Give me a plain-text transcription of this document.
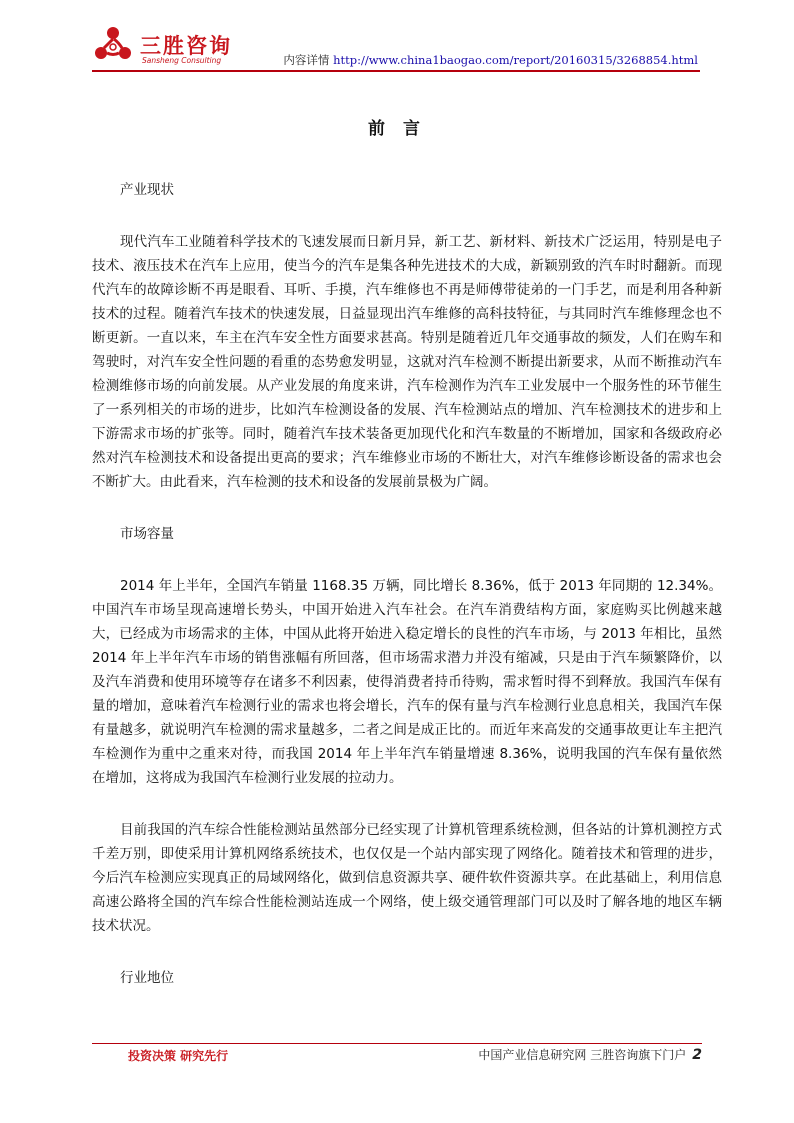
三胜咨询
Sansheng Consulting	内容详情 http://www.china1baogao.com/report/20160315/3268854.html
前 言
产业现状

现代汽车工业随着科学技术的飞速发展而日新月异，新工艺、新材料、新技术广泛运用，特别是电子技术、液压技术在汽车上应用，使当今的汽车是集各种先进技术的大成，新颖别致的汽车时时翻新。而现代汽车的故障诊断不再是眼看、耳听、手摸，汽车维修也不再是师傅带徒弟的一门手艺，而是利用各种新技术的过程。随着汽车技术的快速发展，日益显现出汽车维修的高科技特征，与其同时汽车维修理念也不断更新。一直以来，车主在汽车安全性方面要求甚高。特别是随着近几年交通事故的频发，人们在购车和驾驶时，对汽车安全性问题的看重的态势愈发明显，这就对汽车检测不断提出新要求，从而不断推动汽车检测维修市场的向前发展。从产业发展的角度来讲，汽车检测作为汽车工业发展中一个服务性的环节催生了一系列相关的市场的进步，比如汽车检测设备的发展、汽车检测站点的增加、汽车检测技术的进步和上下游需求市场的扩张等。同时，随着汽车技术装备更加现代化和汽车数量的不断增加，国家和各级政府必然对汽车检测技术和设备提出更高的要求；汽车维修业市场的不断壮大，对汽车维修诊断设备的需求也会不断扩大。由此看来，汽车检测的技术和设备的发展前景极为广阔。

市场容量

2014 年上半年，全国汽车销量 1168.35 万辆，同比增长 8.36%，低于 2013 年同期的 12.34%。中国汽车市场呈现高速增长势头，中国开始进入汽车社会。在汽车消费结构方面，家庭购买比例越来越大，已经成为市场需求的主体，中国从此将开始进入稳定增长的良性的汽车市场，与 2013 年相比，虽然 2014 年上半年汽车市场的销售涨幅有所回落，但市场需求潜力并没有缩减，只是由于汽车频繁降价，以及汽车消费和使用环境等存在诸多不利因素，使得消费者持币待购，需求暂时得不到释放。我国汽车保有量的增加，意味着汽车检测行业的需求也将会增长，汽车的保有量与汽车检测行业息息相关，我国汽车保有量越多，就说明汽车检测的需求量越多，二者之间是成正比的。而近年来高发的交通事故更让车主把汽车检测作为重中之重来对待，而我国 2014 年上半年汽车销量增速 8.36%，说明我国的汽车保有量依然在增加，这将成为我国汽车检测行业发展的拉动力。

目前我国的汽车综合性能检测站虽然部分已经实现了计算机管理系统检测，但各站的计算机测控方式千差万别，即使采用计算机网络系统技术，也仅仅是一个站内部实现了网络化。随着技术和管理的进步，今后汽车检测应实现真正的局域网络化，做到信息资源共享、硬件软件资源共享。在此基础上，利用信息高速公路将全国的汽车综合性能检测站连成一个网络，使上级交通管理部门可以及时了解各地的地区车辆技术状况。

行业地位
投资决策 研究先行	中国产业信息研究网 三胜咨询旗下门户 2
